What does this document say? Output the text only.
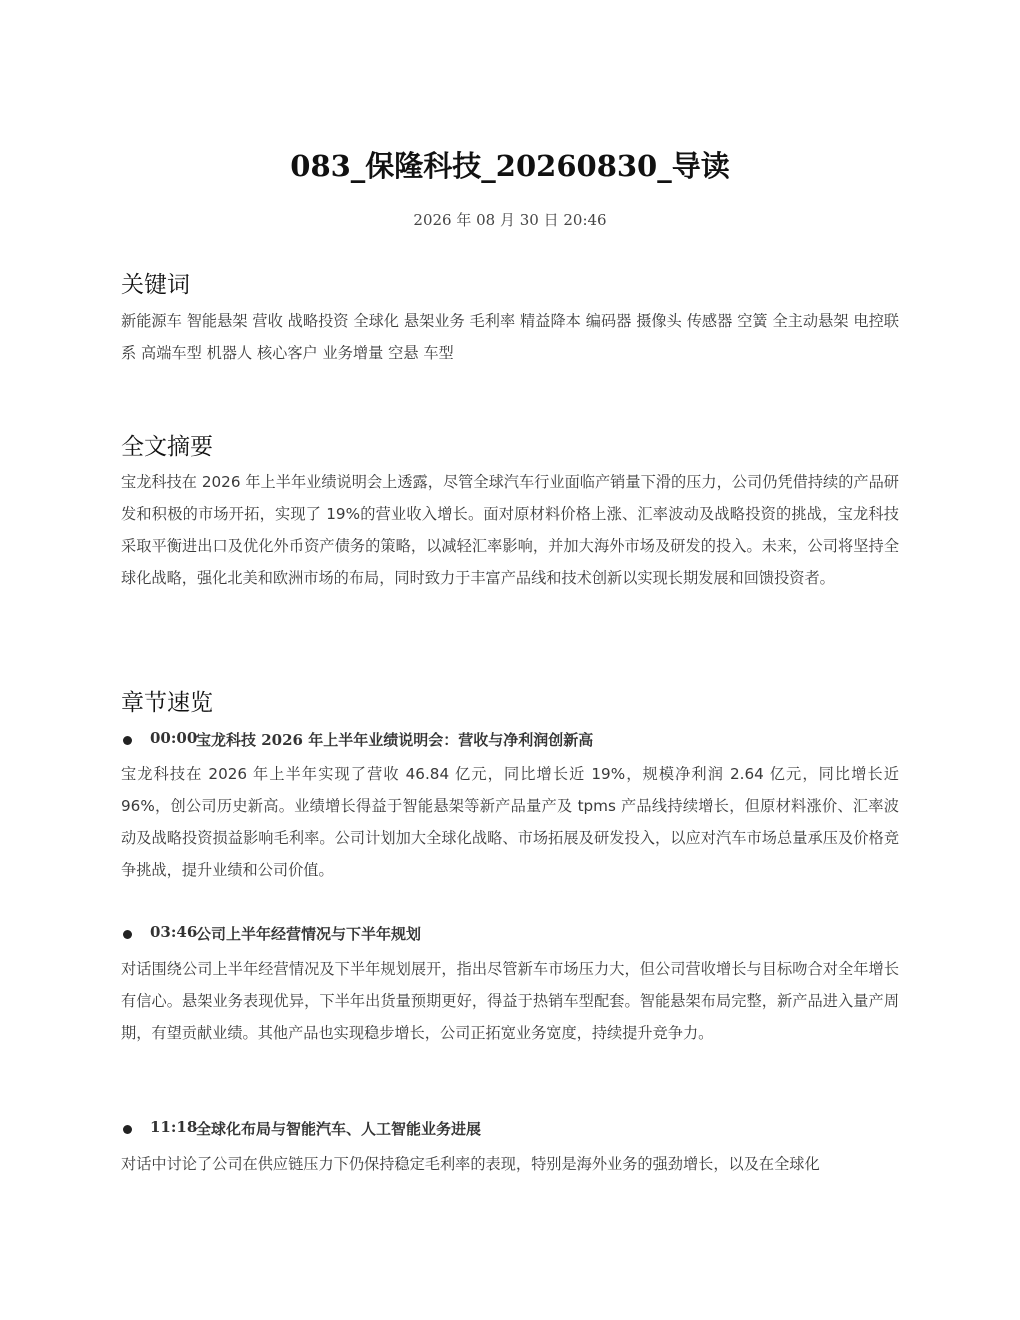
083_保隆科技_20260830_导读
2026 年 08 月 30 日 20:46
关键词

新能源车 智能悬架 营收 战略投资 全球化 悬架业务 毛利率 精益降本 编码器 摄像头 传感器 空簧 全主动悬架 电控联系 高端车型 机器人 核心客户 业务增量 空悬 车型

全文摘要

宝龙科技在 2026 年上半年业绩说明会上透露，尽管全球汽车行业面临产销量下滑的压力，公司仍凭借持续的产品研发和积极的市场开拓，实现了 19%的营业收入增长。面对原材料价格上涨、汇率波动及战略投资的挑战，宝龙科技采取平衡进出口及优化外币资产债务的策略，以减轻汇率影响，并加大海外市场及研发的投入。未来，公司将坚持全球化战略，强化北美和欧洲市场的布局，同时致力于丰富产品线和技术创新以实现长期发展和回馈投资者。

章节速览
00:00
宝龙科技 2026 年上半年业绩说明会：营收与净利润创新高

宝龙科技在 2026 年上半年实现了营收 46.84 亿元，同比增长近 19%，规模净利润 2.64 亿元，同比增长近 96%，创公司历史新高。业绩增长得益于智能悬架等新产品量产及 tpms 产品线持续增长，但原材料涨价、汇率波动及战略投资损益影响毛利率。公司计划加大全球化战略、市场拓展及研发投入，以应对汽车市场总量承压及价格竞争挑战，提升业绩和公司价值。

03:46
公司上半年经营情况与下半年规划

对话围绕公司上半年经营情况及下半年规划展开，指出尽管新车市场压力大，但公司营收增长与目标吻合对全年增长有信心。悬架业务表现优异，下半年出货量预期更好，得益于热销车型配套。智能悬架布局完整，新产品进入量产周期，有望贡献业绩。其他产品也实现稳步增长，公司正拓宽业务宽度，持续提升竞争力。

11:18
全球化布局与智能汽车、人工智能业务进展

对话中讨论了公司在供应链压力下仍保持稳定毛利率的表现，特别是海外业务的强劲增长，以及在全球化
